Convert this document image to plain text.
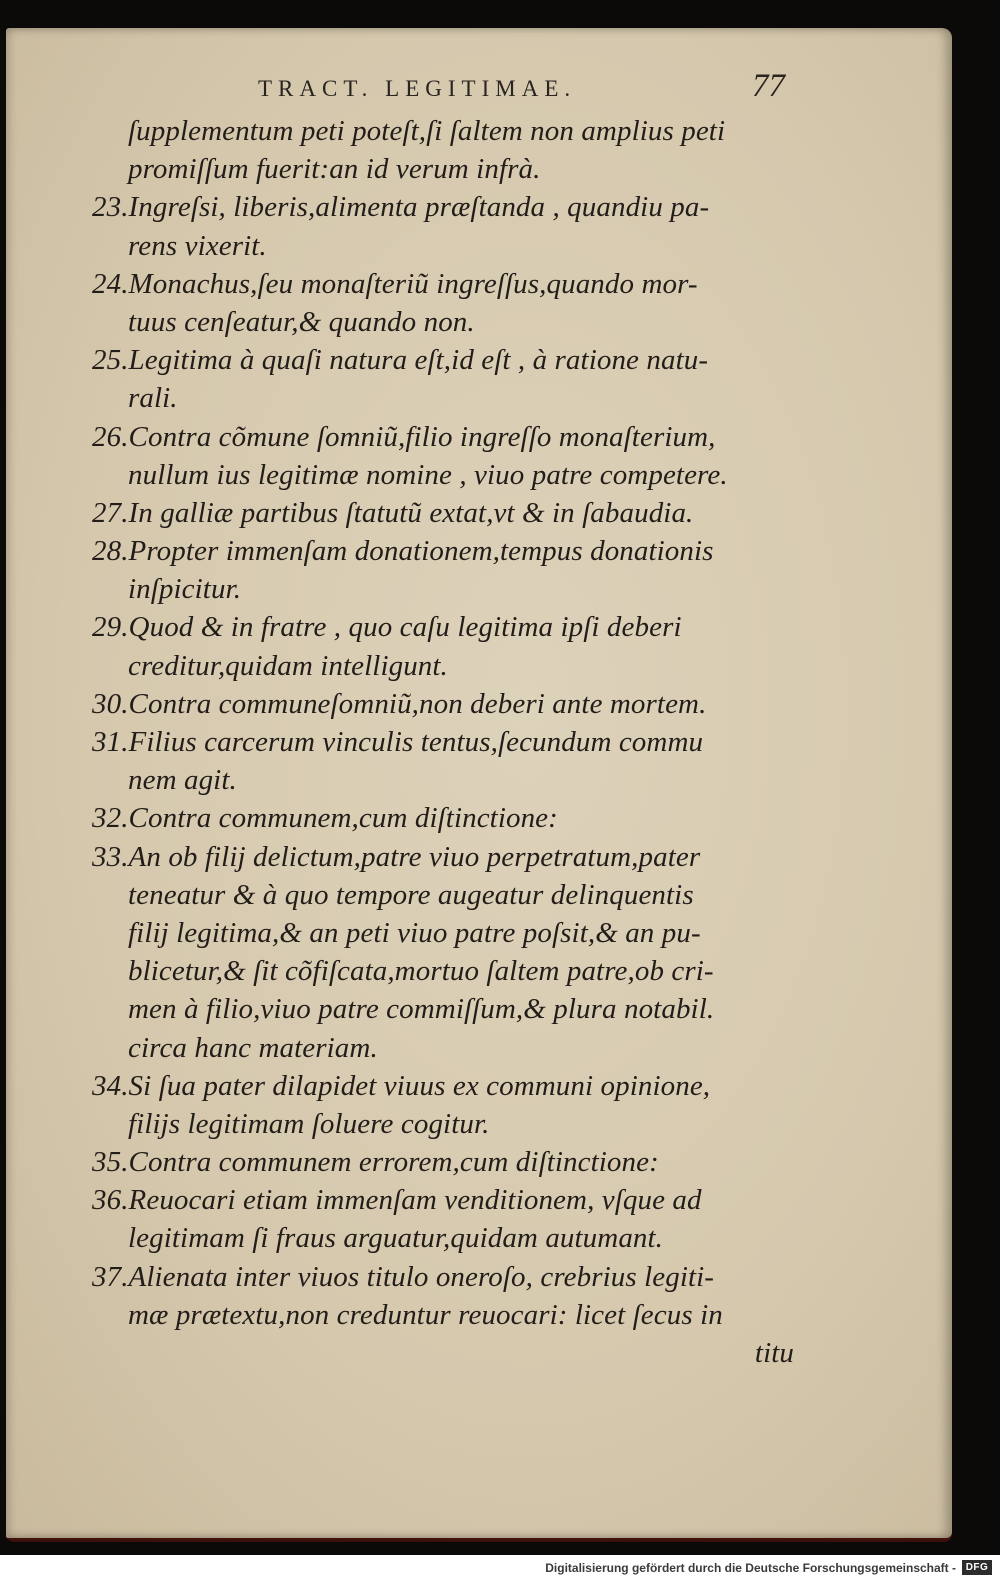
TRACT. LEGITIMAE.	77
ſupplementum peti poteſt,ſi ſaltem non amplius peti
promiſſum fuerit:an id verum infrà.
23.Ingreſsi, liberis,alimenta præſtanda , quandiu pa-
rens vixerit.
24.Monachus,ſeu monaſteriũ ingreſſus,quando mor-
tuus cenſeatur,& quando non.
25.Legitima à quaſi natura eſt,id eſt , à ratione natu-
rali.
26.Contra cõmune ſomniũ,filio ingreſſo monaſterium,
nullum ius legitimæ nomine , viuo patre competere.
27.In galliæ partibus ſtatutũ extat,vt & in ſabaudia.
28.Propter immenſam donationem,tempus donationis
inſpicitur.
29.Quod & in fratre , quo caſu legitima ipſi deberi
creditur,quidam intelligunt.
30.Contra communeſomniũ,non deberi ante mortem.
31.Filius carcerum vinculis tentus,ſecundum commu
nem agit.
32.Contra communem,cum diſtinctione:
33.An ob filij delictum,patre viuo perpetratum,pater
teneatur & à quo tempore augeatur delinquentis
filij legitima,& an peti viuo patre poſsit,& an pu-
blicetur,& ſit cõfiſcata,mortuo ſaltem patre,ob cri-
men à filio,viuo patre commiſſum,& plura notabil.
circa hanc materiam.
34.Si ſua pater dilapidet viuus ex communi opinione,
filijs legitimam ſoluere cogitur.
35.Contra communem errorem,cum diſtinctione:
36.Reuocari etiam immenſam venditionem, vſque ad
legitimam ſi fraus arguatur,quidam autumant.
37.Alienata inter viuos titulo oneroſo, crebrius legiti-
mæ prætextu,non creduntur reuocari: licet ſecus in
titu
Digitalisierung gefördert durch die Deutsche Forschungsgemeinschaft - DFG
